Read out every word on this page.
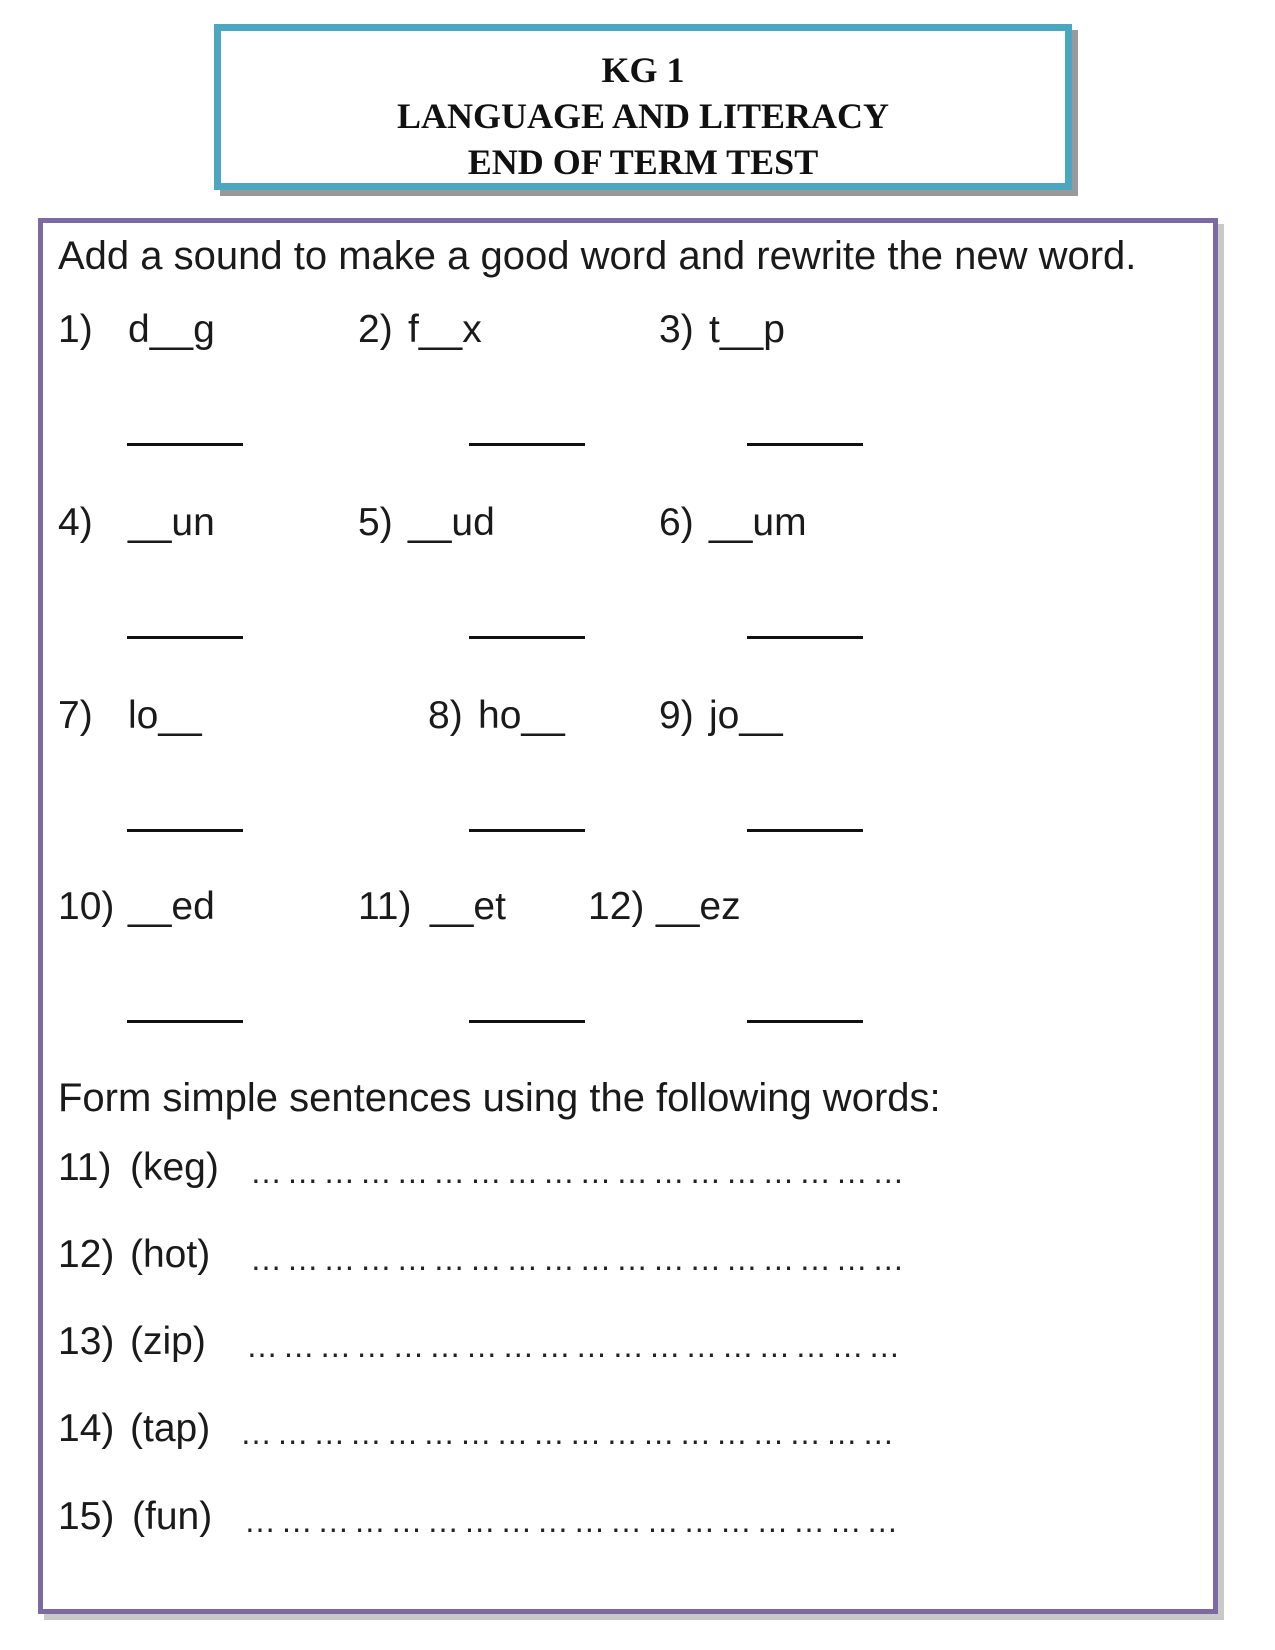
KG 1
LANGUAGE AND LITERACY
END OF TERM TEST
Add a sound to make a good word and rewrite the new word.
1) d__g	2) f__x	3) t__p
4) __un	5) __ud	6) __um
7) lo__	8) ho__ 9) jo__
10) __ed	11) __et 12) __ez
Form simple sentences using the following words:
11) (keg) ………………………………………………
12) (hot) ………………………………………………
13) (zip) ………………………………………………
14) (tap) ………………………………………………
15) (fun) ………………………………………………
